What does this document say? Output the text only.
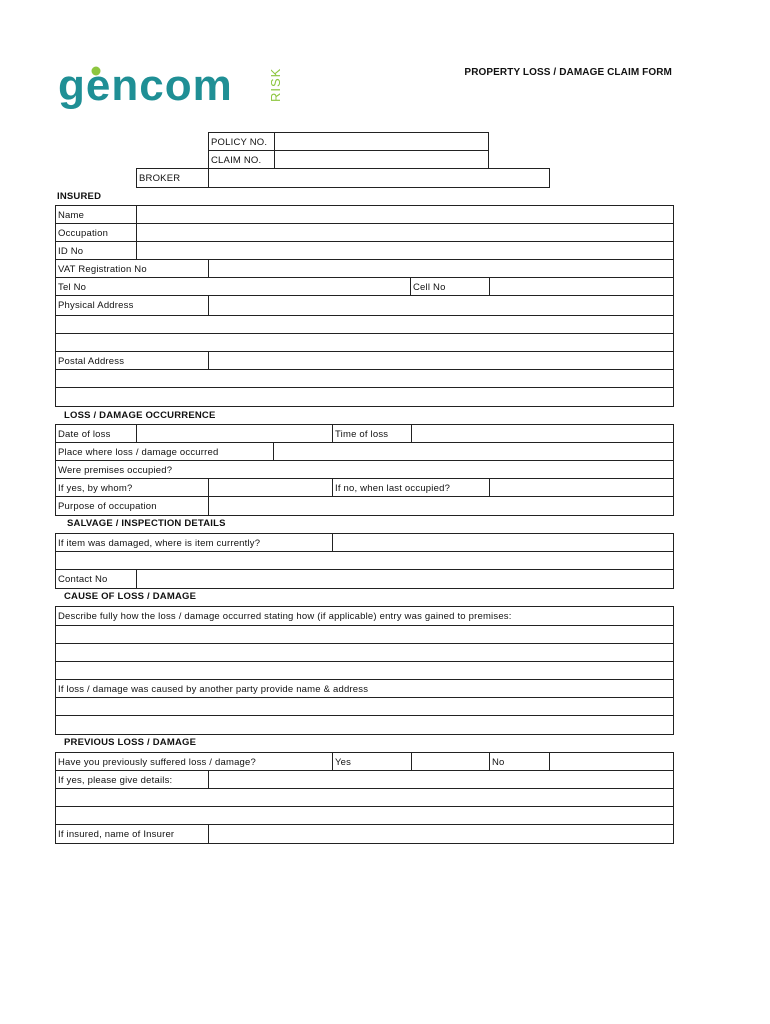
gencom	RISK	PROPERTY LOSS / DAMAGE CLAIM FORM
POLICY NO.
CLAIM NO.
BROKER
INSURED
Name
Occupation
ID No
VAT Registration No
Tel No	Cell No
Physical Address
Postal Address
LOSS / DAMAGE OCCURRENCE
Date of loss	Time of loss
Place where loss / damage occurred
Were premises occupied?
If yes, by whom?	If no, when last occupied?
Purpose of occupation
SALVAGE / INSPECTION DETAILS
If item was damaged, where is item currently?
Contact No
CAUSE OF LOSS / DAMAGE
Describe fully how the loss / damage occurred stating how (if applicable) entry was gained to premises:
If loss / damage was caused by another party provide name & address
PREVIOUS LOSS / DAMAGE
Have you previously suffered loss / damage?	Yes	No
If yes, please give details:
If insured, name of Insurer
